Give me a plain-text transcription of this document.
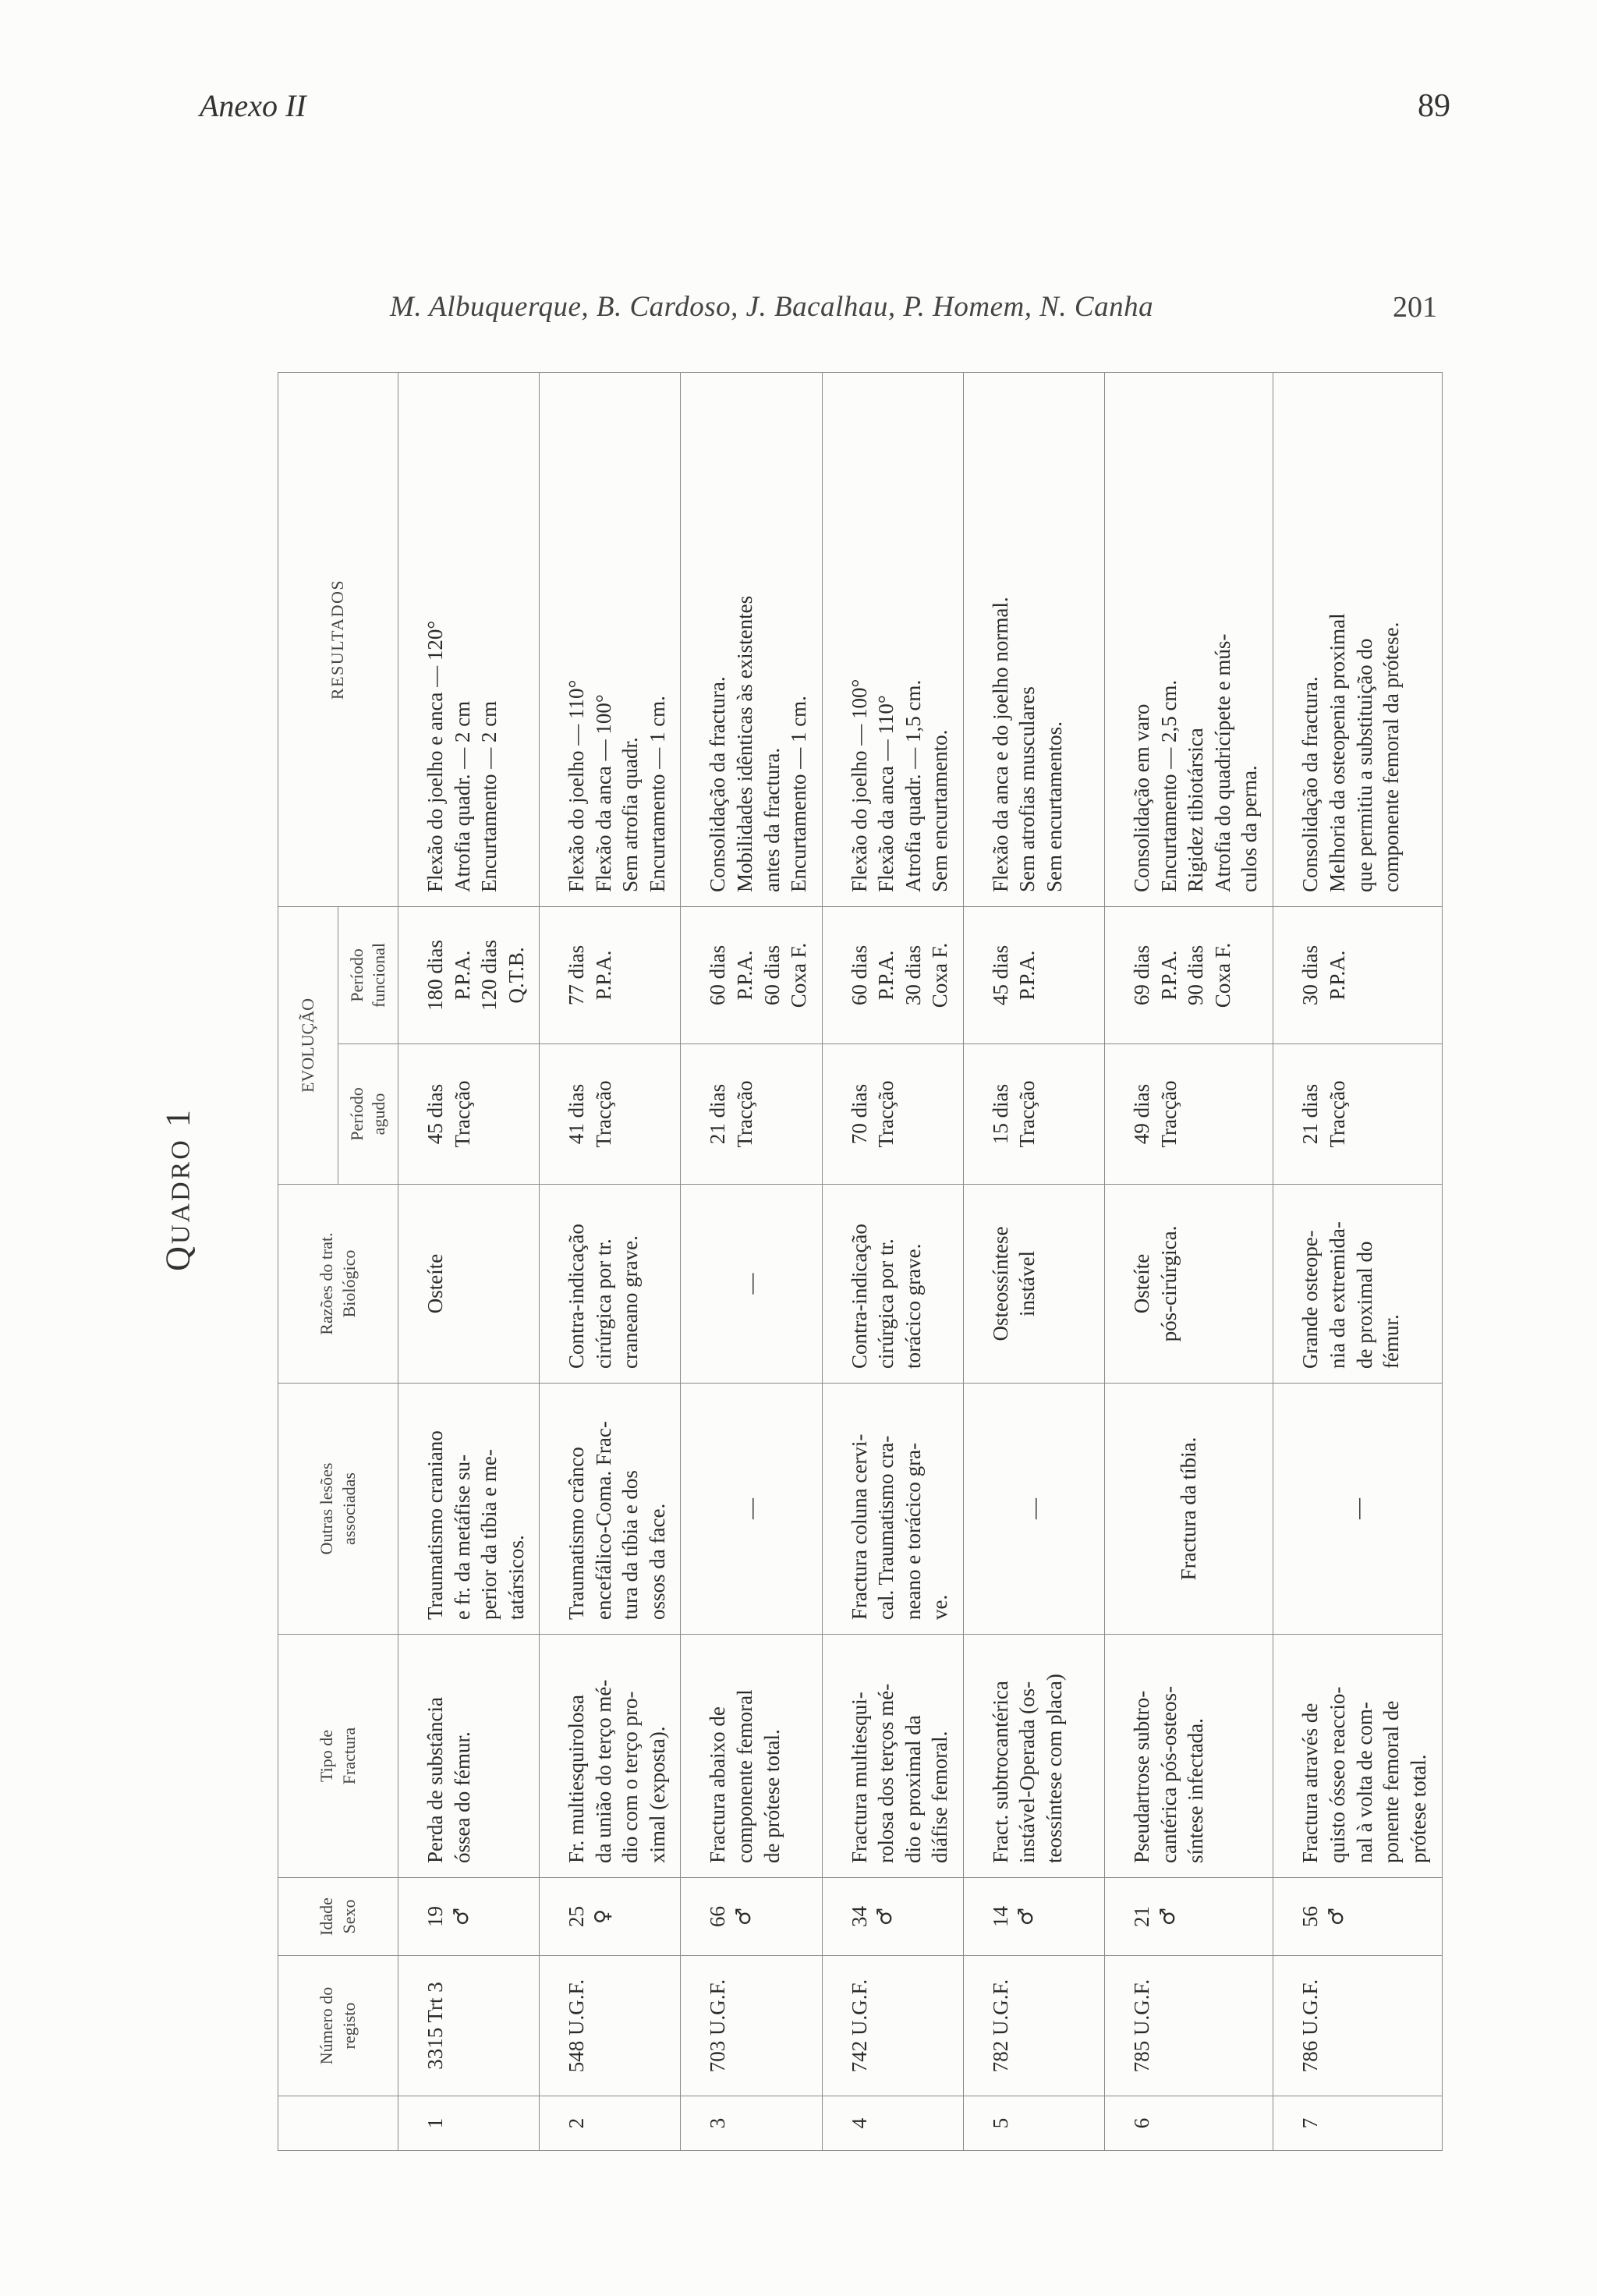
Anexo II	89
M. Albuquerque, B. Cardoso, J. Bacalhau, P. Homem, N. Canha	201
QUADRO 1

	Número do registo	Idade Sexo	Tipo de Fractura	Outras lesões associadas	Razões do trat. Biológico	EVOLUÇÃO		RESULTADOS

						Período agudo	Período funcional	

1	3315 Trt 3	19 ♂	Perda de substância óssea do fémur.	Traumatismo craniano e fr. da metáfise su- perior da tíbia e me- tatársicos.	Osteíte	45 dias Tracção	180 dias P.P.A. 120 dias Q.T.B.	Flexão do joelho e anca — 120° Atrofia quadr. — 2 cm Encurtamento — 2 cm

2	548 U.G.F.	25 ♀	Fr. multiesquirolosa da união do terço mé- dio com o terço pro- ximal (exposta).	Traumatismo crânco encefálico-Coma. Frac- tura da tíbia e dos ossos da face.	Contra-indicação cirúrgica por tr. craneano grave.	41 dias Tracção	77 dias P.P.A.	Flexão do joelho — 110° Flexão da anca — 100° Sem atrofia quadr. Encurtamento — 1 cm.

3	703 U.G.F.	66 ♂	Fractura abaixo de componente femoral de prótese total.	—	—	21 dias Tracção	60 dias P.P.A. 60 dias Coxa F.	Consolidação da fractura. Mobilidades idênticas às existentes antes da fractura. Encurtamento — 1 cm.

4	742 U.G.F.	34 ♂	Fractura multiesqui- rolosa dos terços mé- dio e proximal da diáfise femoral.	Fractura coluna cervi- cal. Traumatismo cra- neano e torácico gra- ve.	Contra-indicação cirúrgica por tr. torácico grave.	70 dias Tracção	60 dias P.P.A. 30 dias Coxa F.	Flexão do joelho — 100° Flexão da anca — 110° Atrofia quadr. — 1,5 cm. Sem encurtamento.

5	782 U.G.F.	14 ♂	Fract. subtrocantérica instável-Operada (os- teossíntese com placa)	—	Osteossíntese instável	15 dias Tracção	45 dias P.P.A.	Flexão da anca e do joelho normal. Sem atrofias musculares Sem encurtamentos.

6	785 U.G.F.	21 ♂	Pseudartrose subtro- cantérica pós-osteos- síntese infectada.	Fractura da tíbia.	Osteíte pós-cirúrgica.	49 dias Tracção	69 dias P.P.A. 90 dias Coxa F.	Consolidação em varo Encurtamento — 2,5 cm. Rigidez tibiotársica Atrofia do quadricípete e mús- culos da perna.

7	786 U.G.F.	56 ♂	Fractura através de quisto ósseo reaccio- nal à volta de com- ponente femoral de prótese total.	—	Grande osteope- nia da extremida- de proximal do fémur.	21 dias Tracção	30 dias P.P.A.	Consolidação da fractura. Melhoria da osteopenia proximal que permitiu a substituição do componente femoral da prótese.
